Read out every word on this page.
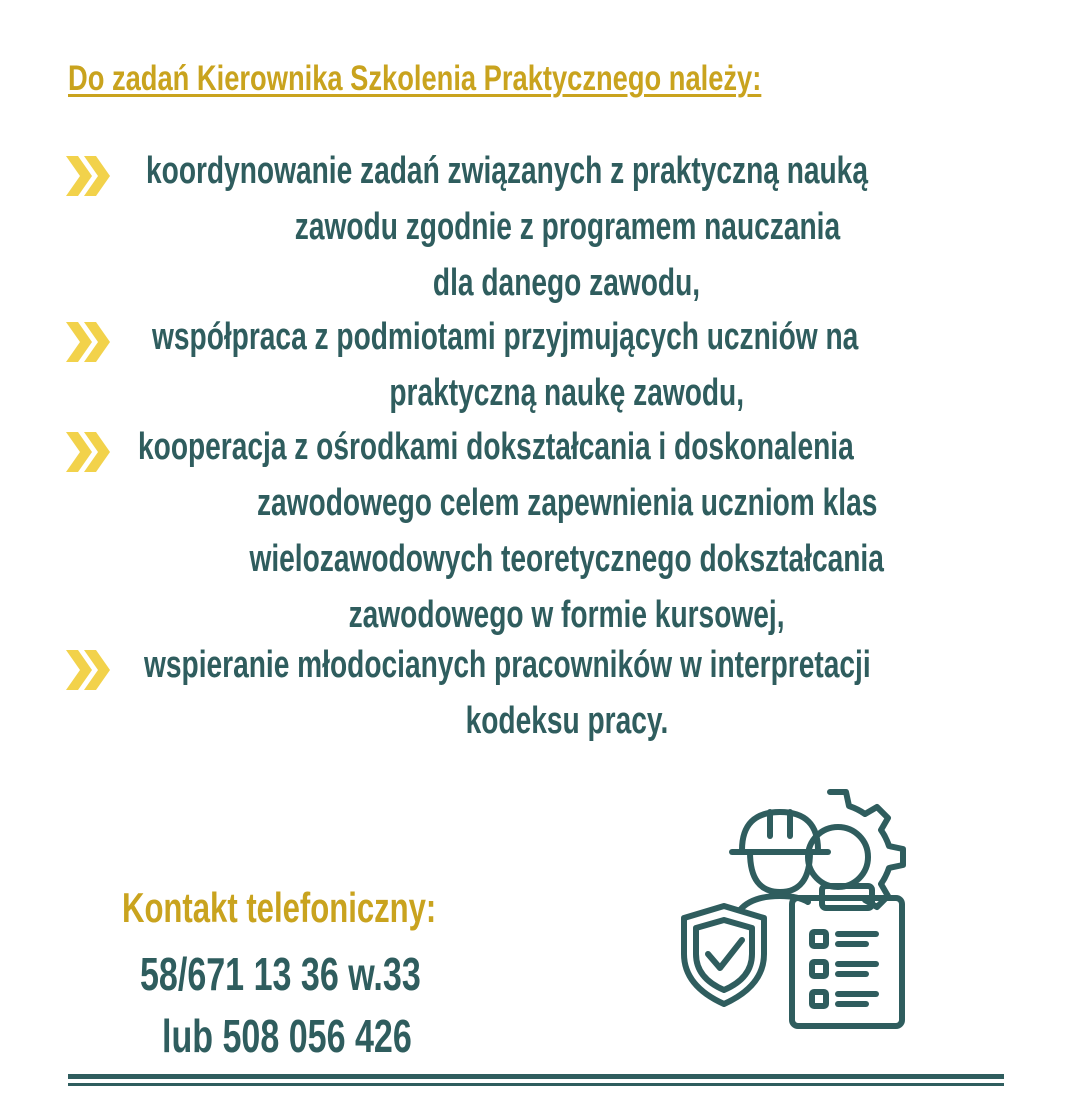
Do zadań Kierownika Szkolenia Praktycznego należy:
koordynowanie zadań związanych z praktyczną nauką
zawodu zgodnie z programem nauczania
dla danego zawodu,
współpraca z podmiotami przyjmujących uczniów na
praktyczną naukę zawodu,
kooperacja z ośrodkami dokształcania i doskonalenia
zawodowego celem zapewnienia uczniom klas
wielozawodowych teoretycznego dokształcania
zawodowego w formie kursowej,
wspieranie młodocianych pracowników w interpretacji
kodeksu pracy.
Kontakt telefoniczny:
58/671 13 36 w.33
lub 508 056 426
